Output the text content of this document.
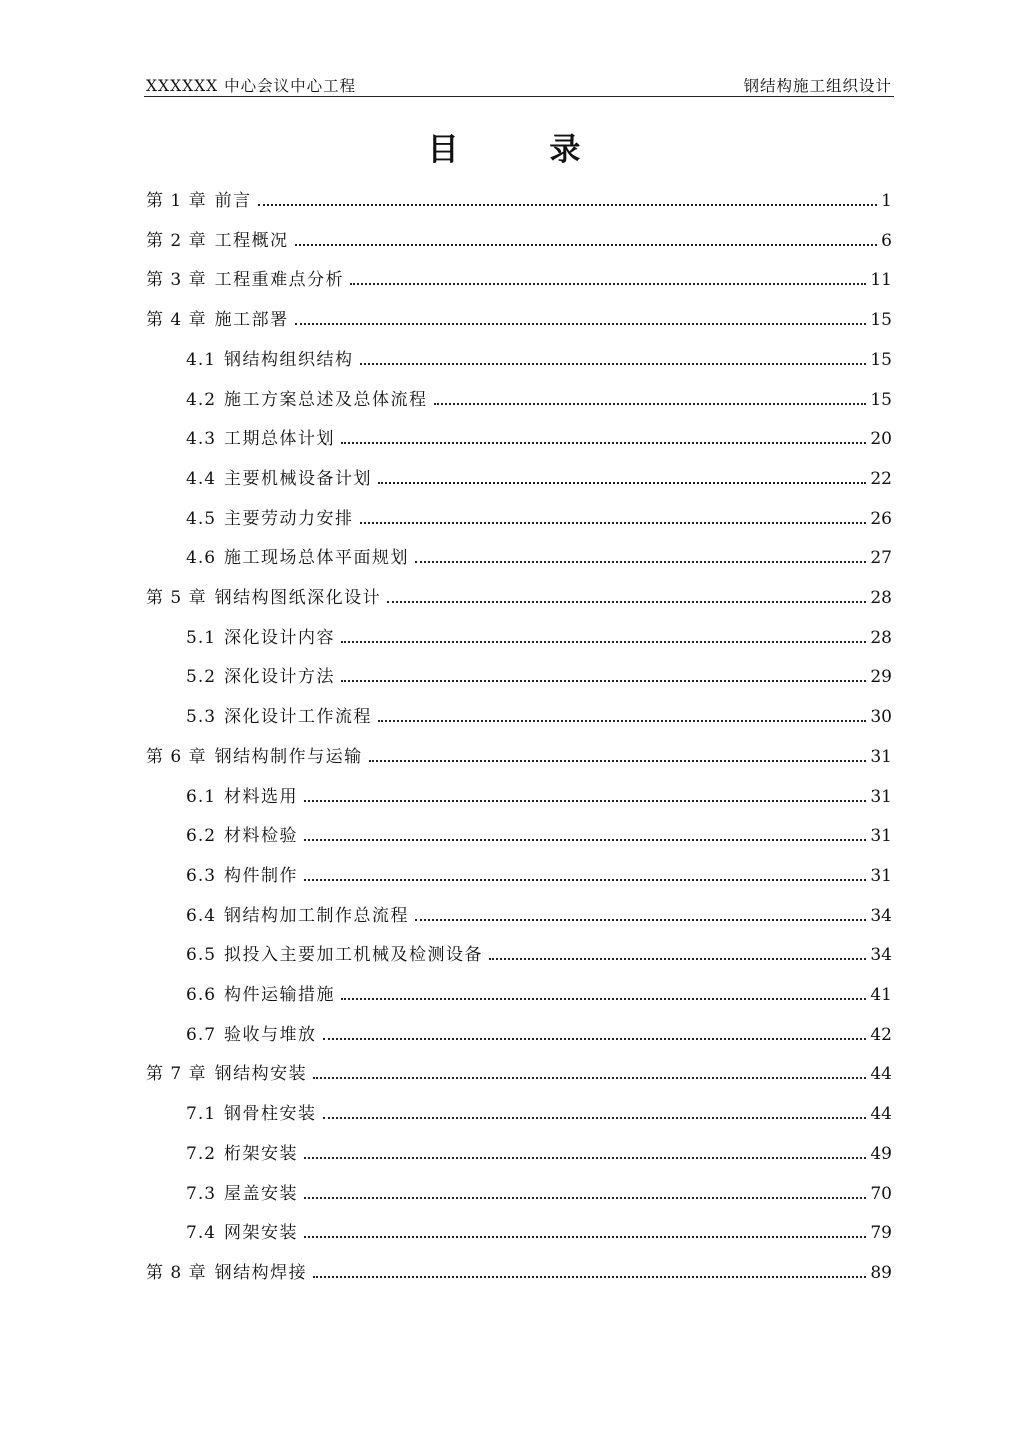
XXXXXX 中心会议中心工程	钢结构施工组织设计
目 录
第 1 章 前言	1
第 2 章 工程概况	6
第 3 章 工程重难点分析	11
第 4 章 施工部署	15
4.1 钢结构组织结构	15
4.2 施工方案总述及总体流程	15
4.3 工期总体计划	20
4.4 主要机械设备计划	22
4.5 主要劳动力安排	26
4.6 施工现场总体平面规划	27
第 5 章 钢结构图纸深化设计	28
5.1 深化设计内容	28
5.2 深化设计方法	29
5.3 深化设计工作流程	30
第 6 章 钢结构制作与运输	31
6.1 材料选用	31
6.2 材料检验	31
6.3 构件制作	31
6.4 钢结构加工制作总流程	34
6.5 拟投入主要加工机械及检测设备	34
6.6 构件运输措施	41
6.7 验收与堆放	42
第 7 章 钢结构安装	44
7.1 钢骨柱安装	44
7.2 桁架安装	49
7.3 屋盖安装	70
7.4 网架安装	79
第 8 章 钢结构焊接	89
